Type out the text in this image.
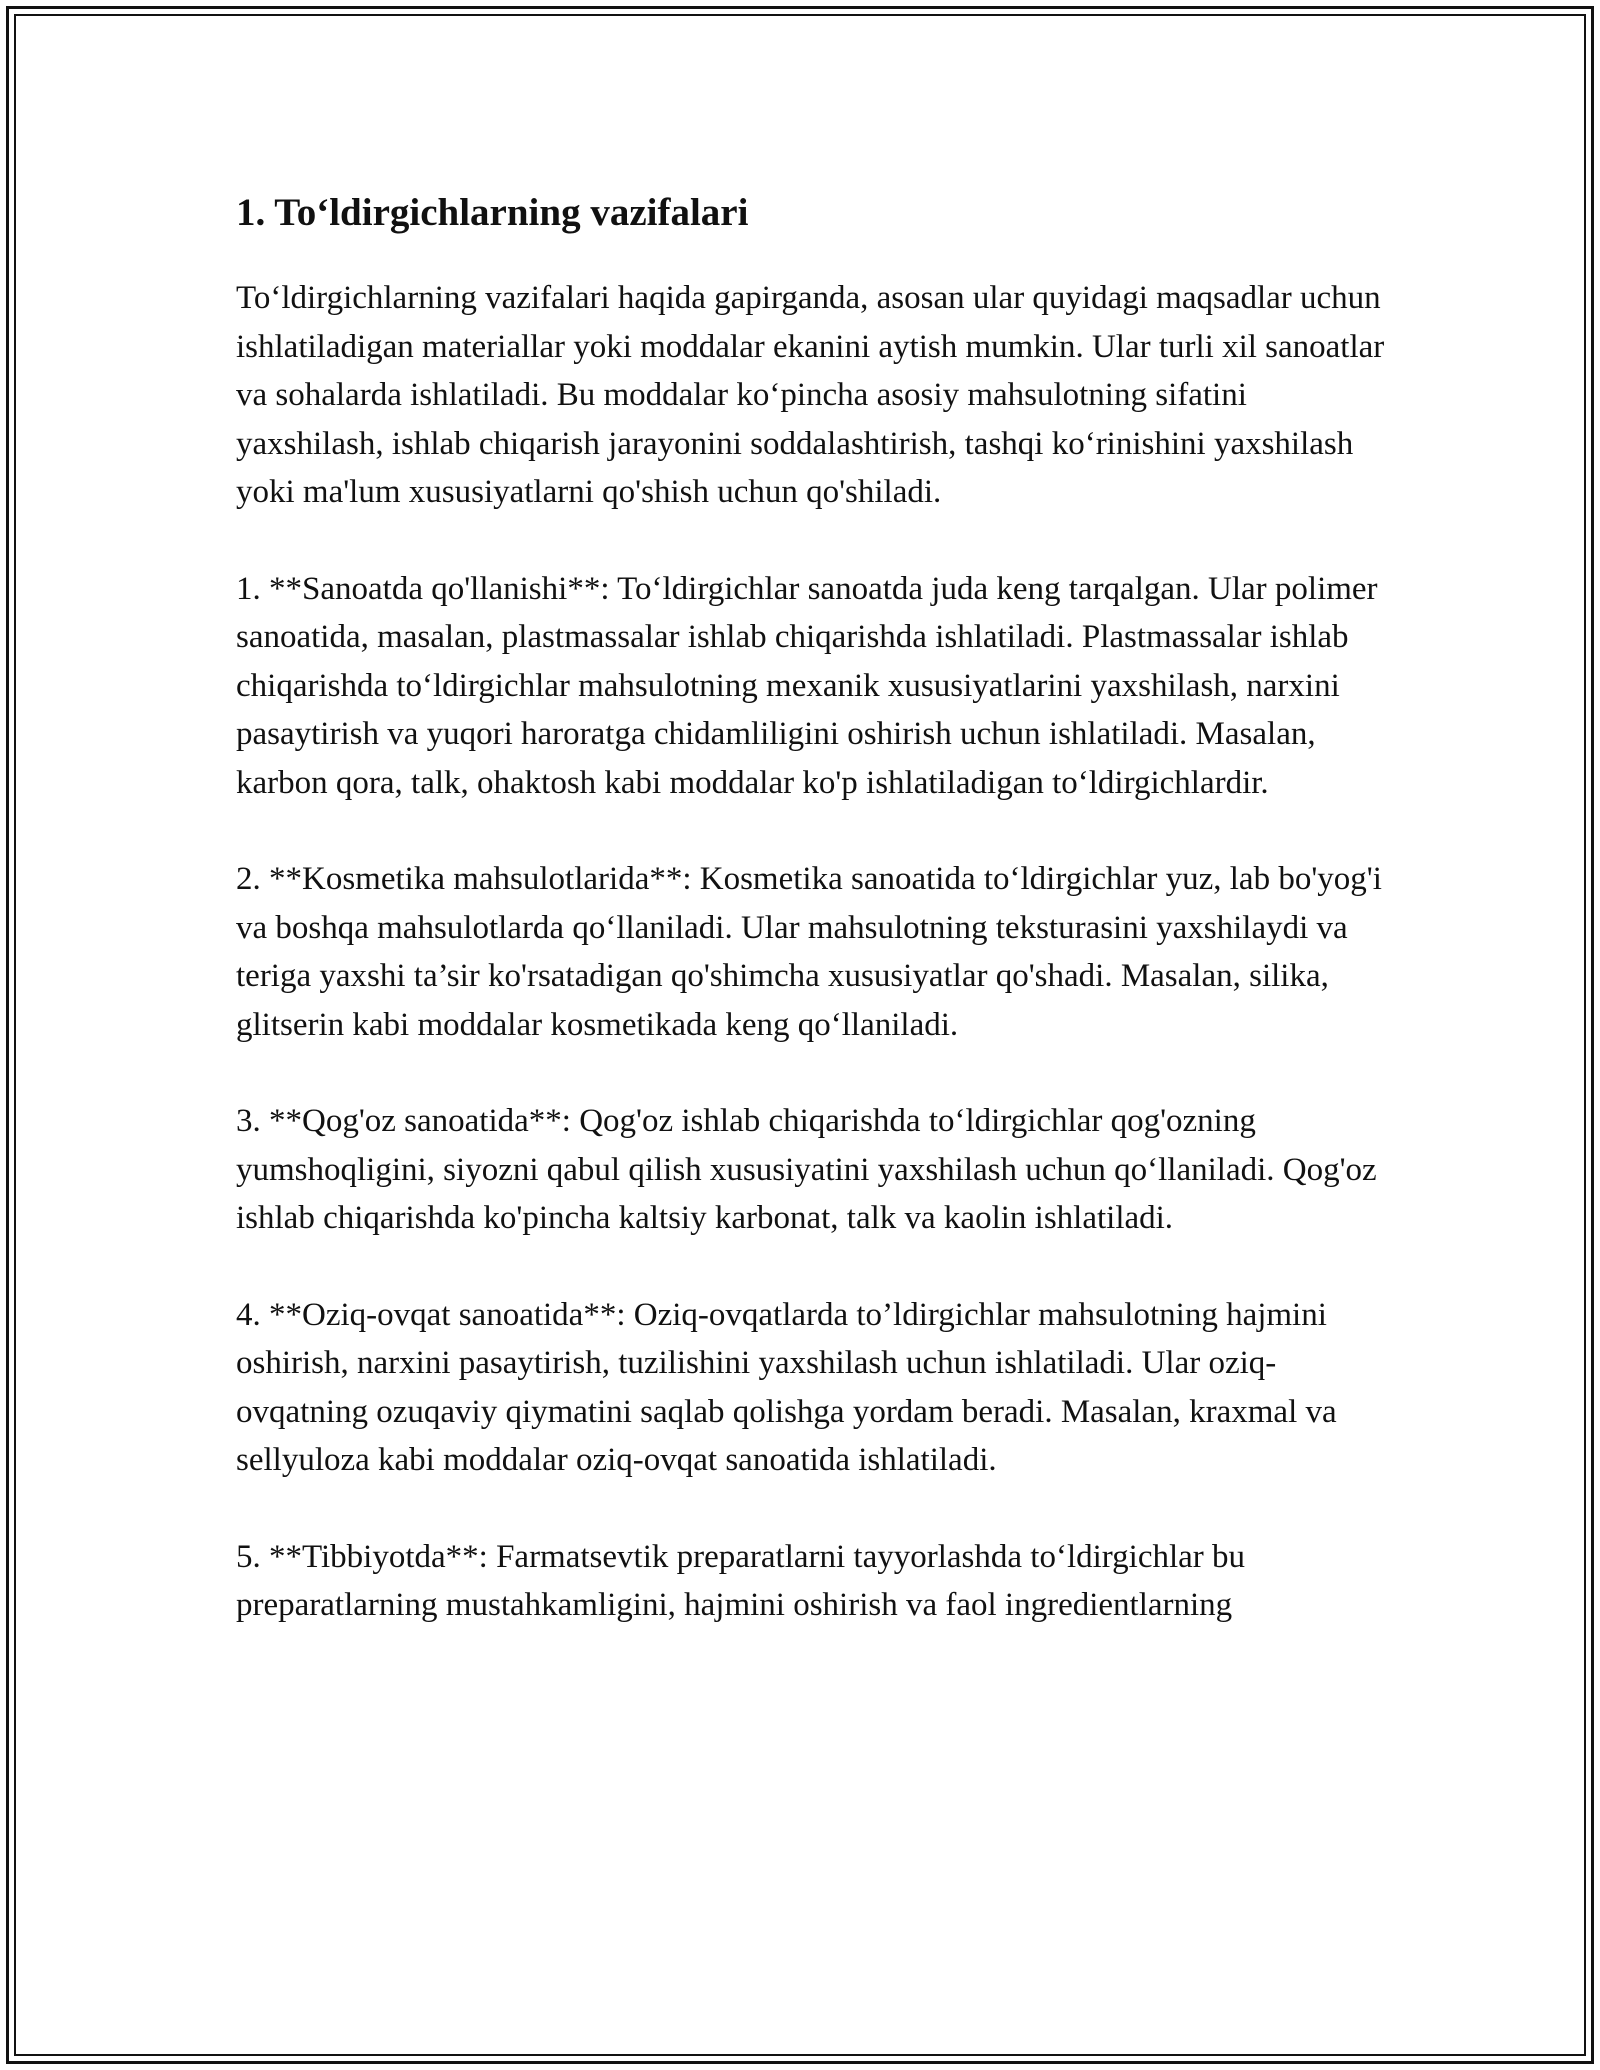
1. To‘ldirgichlarning vazifalari

To‘ldirgichlarning vazifalari haqida gapirganda, asosan ular quyidagi maqsadlar uchun ishlatiladigan materiallar yoki moddalar ekanini aytish mumkin. Ular turli xil sanoatlar va sohalarda ishlatiladi. Bu moddalar ko‘pincha asosiy mahsulotning sifatini yaxshilash, ishlab chiqarish jarayonini soddalashtirish, tashqi ko‘rinishini yaxshilash yoki ma'lum xususiyatlarni qo'shish uchun qo'shiladi.

1. **Sanoatda qo'llanishi**: To‘ldirgichlar sanoatda juda keng tarqalgan. Ular polimer sanoatida, masalan, plastmassalar ishlab chiqarishda ishlatiladi. Plastmassalar ishlab chiqarishda to‘ldirgichlar mahsulotning mexanik xususiyatlarini yaxshilash, narxini pasaytirish va yuqori haroratga chidamliligini oshirish uchun ishlatiladi. Masalan, karbon qora, talk, ohaktosh kabi moddalar ko'p ishlatiladigan to‘ldirgichlardir.

2. **Kosmetika mahsulotlarida**: Kosmetika sanoatida to‘ldirgichlar yuz, lab bo'yog'i va boshqa mahsulotlarda qo‘llaniladi. Ular mahsulotning teksturasini yaxshilaydi va teriga yaxshi ta’sir ko'rsatadigan qo'shimcha xususiyatlar qo'shadi. Masalan, silika, glitserin kabi moddalar kosmetikada keng qo‘llaniladi.

3. **Qog'oz sanoatida**: Qog'oz ishlab chiqarishda to‘ldirgichlar qog'ozning yumshoqligini, siyozni qabul qilish xususiyatini yaxshilash uchun qo‘llaniladi. Qog'oz ishlab chiqarishda ko'pincha kaltsiy karbonat, talk va kaolin ishlatiladi.

4. **Oziq-ovqat sanoatida**: Oziq-ovqatlarda to’ldirgichlar mahsulotning hajmini oshirish, narxini pasaytirish, tuzilishini yaxshilash uchun ishlatiladi. Ular oziq-ovqatning ozuqaviy qiymatini saqlab qolishga yordam beradi. Masalan, kraxmal va sellyuloza kabi moddalar oziq-ovqat sanoatida ishlatiladi.

5. **Tibbiyotda**: Farmatsevtik preparatlarni tayyorlashda to‘ldirgichlar bu preparatlarning mustahkamligini, hajmini oshirish va faol ingredientlarning
